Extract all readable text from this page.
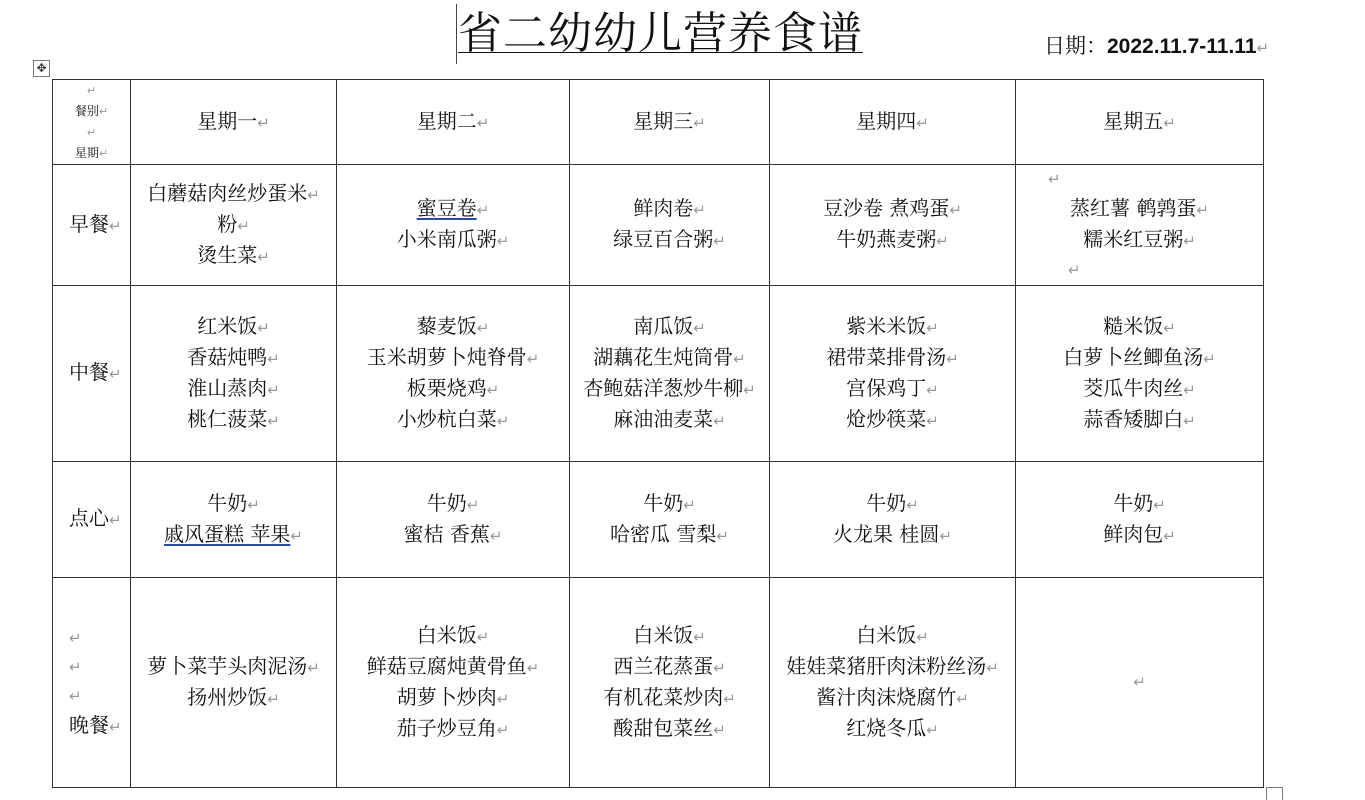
省二幼幼儿营养食谱	日期：2022.11.7-11.11↵
✥
↵
餐别↵
↵
星期↵	星期一↵	星期二↵	星期三↵	星期四↵	星期五↵
早餐↵	白蘑菇肉丝炒蛋米↵
粉↵
烫生菜↵	蜜豆卷↵
小米南瓜粥↵	鲜肉卷↵
绿豆百合粥↵	豆沙卷 煮鸡蛋↵
牛奶燕麦粥↵	↵
蒸红薯 鹌鹑蛋↵
糯米红豆粥↵
↵

中餐↵	红米饭↵
香菇炖鸭↵
淮山蒸肉↵
桃仁菠菜↵	藜麦饭↵
玉米胡萝卜炖脊骨↵
板栗烧鸡↵
小炒杭白菜↵	南瓜饭↵
湖藕花生炖筒骨↵
杏鲍菇洋葱炒牛柳↵
麻油油麦菜↵	紫米米饭↵
裙带菜排骨汤↵
宫保鸡丁↵
炝炒筷菜↵	糙米饭↵
白萝卜丝鲫鱼汤↵
茭瓜牛肉丝↵
蒜香矮脚白↵

点心↵	牛奶↵
戚风蛋糕 苹果↵	牛奶↵
蜜桔 香蕉↵	牛奶↵
哈密瓜 雪梨↵	牛奶↵
火龙果 桂圆↵	牛奶↵
鲜肉包↵

↵
↵
↵
晚餐↵	萝卜菜芋头肉泥汤↵
扬州炒饭↵	白米饭↵
鲜菇豆腐炖黄骨鱼↵
胡萝卜炒肉↵
茄子炒豆角↵	白米饭↵
西兰花蒸蛋↵
有机花菜炒肉↵
酸甜包菜丝↵	白米饭↵
娃娃菜猪肝肉沫粉丝汤↵
酱汁肉沫烧腐竹↵
红烧冬瓜↵	↵
